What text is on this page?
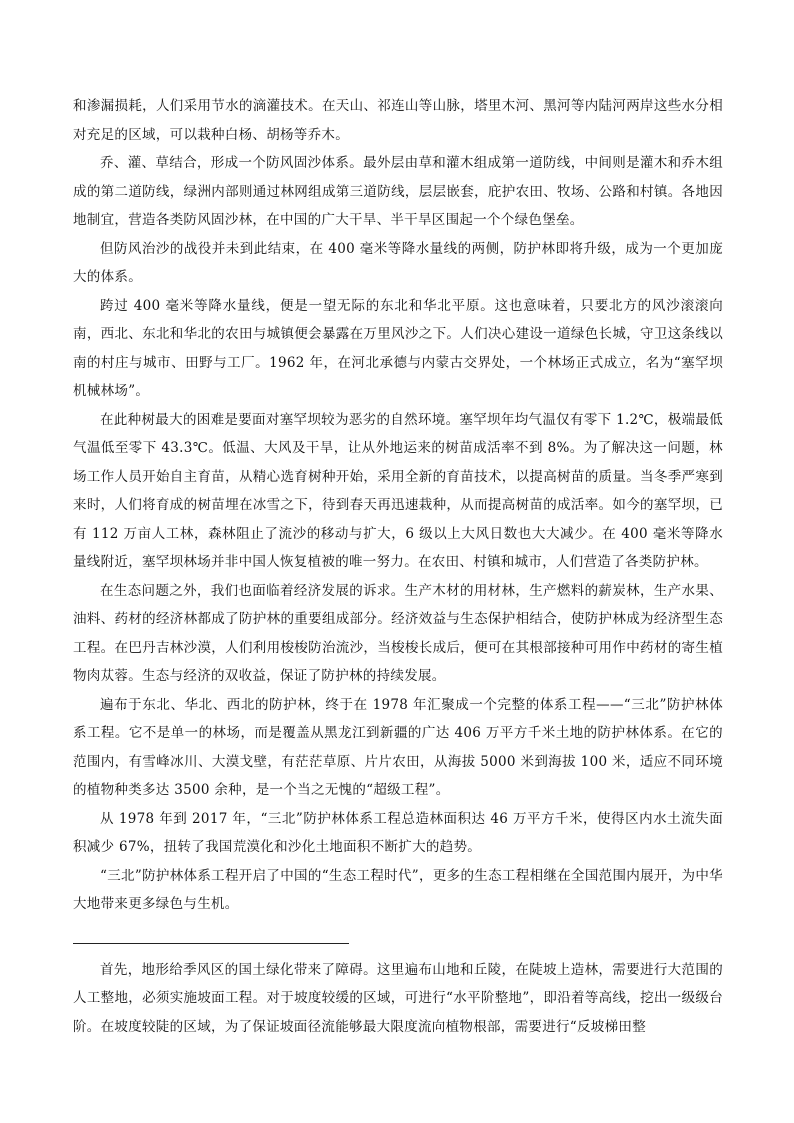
和渗漏损耗，人们采用节水的滴灌技术。在天山、祁连山等山脉，塔里木河、黑河等内陆河两岸这些水分相对充足的区域，可以栽种白杨、胡杨等乔木。

乔、灌、草结合，形成一个防风固沙体系。最外层由草和灌木组成第一道防线，中间则是灌木和乔木组成的第二道防线，绿洲内部则通过林网组成第三道防线，层层嵌套，庇护农田、牧场、公路和村镇。各地因地制宜，营造各类防风固沙林，在中国的广大干旱、半干旱区围起一个个绿色堡垒。

但防风治沙的战役并未到此结束，在 400 毫米等降水量线的两侧，防护林即将升级，成为一个更加庞大的体系。

跨过 400 毫米等降水量线，便是一望无际的东北和华北平原。这也意味着，只要北方的风沙滚滚向南，西北、东北和华北的农田与城镇便会暴露在万里风沙之下。人们决心建设一道绿色长城，守卫这条线以南的村庄与城市、田野与工厂。1962 年，在河北承德与内蒙古交界处，一个林场正式成立，名为“塞罕坝机械林场”。

在此种树最大的困难是要面对塞罕坝较为恶劣的自然环境。塞罕坝年均气温仅有零下 1.2℃，极端最低气温低至零下 43.3℃。低温、大风及干旱，让从外地运来的树苗成活率不到 8%。为了解决这一问题，林场工作人员开始自主育苗，从精心选育树种开始，采用全新的育苗技术，以提高树苗的质量。当冬季严寒到来时，人们将育成的树苗埋在冰雪之下，待到春天再迅速栽种，从而提高树苗的成活率。如今的塞罕坝，已有 112 万亩人工林，森林阻止了流沙的移动与扩大，6 级以上大风日数也大大减少。在 400 毫米等降水量线附近，塞罕坝林场并非中国人恢复植被的唯一努力。在农田、村镇和城市，人们营造了各类防护林。

在生态问题之外，我们也面临着经济发展的诉求。生产木材的用材林，生产燃料的薪炭林，生产水果、油料、药材的经济林都成了防护林的重要组成部分。经济效益与生态保护相结合，使防护林成为经济型生态工程。在巴丹吉林沙漠，人们利用梭梭防治流沙，当梭梭长成后，便可在其根部接种可用作中药材的寄生植物肉苁蓉。生态与经济的双收益，保证了防护林的持续发展。

遍布于东北、华北、西北的防护林，终于在 1978 年汇聚成一个完整的体系工程——“三北”防护林体系工程。它不是单一的林场，而是覆盖从黑龙江到新疆的广达 406 万平方千米土地的防护林体系。在它的范围内，有雪峰冰川、大漠戈壁，有茫茫草原、片片农田，从海拔 5000 米到海拔 100 米，适应不同环境的植物种类多达 3500 余种，是一个当之无愧的“超级工程”。

从 1978 年到 2017 年，“三北”防护林体系工程总造林面积达 46 万平方千米，使得区内水土流失面积减少 67%，扭转了我国荒漠化和沙化土地面积不断扩大的趋势。

“三北”防护林体系工程开启了中国的“生态工程时代”，更多的生态工程相继在全国范围内展开，为中华大地带来更多绿色与生机。

首先，地形给季风区的国土绿化带来了障碍。这里遍布山地和丘陵，在陡坡上造林，需要进行大范围的人工整地，必须实施坡面工程。对于坡度较缓的区域，可进行“水平阶整地”，即沿着等高线，挖出一级级台阶。在坡度较陡的区域，为了保证坡面径流能够最大限度流向植物根部，需要进行“反坡梯田整
